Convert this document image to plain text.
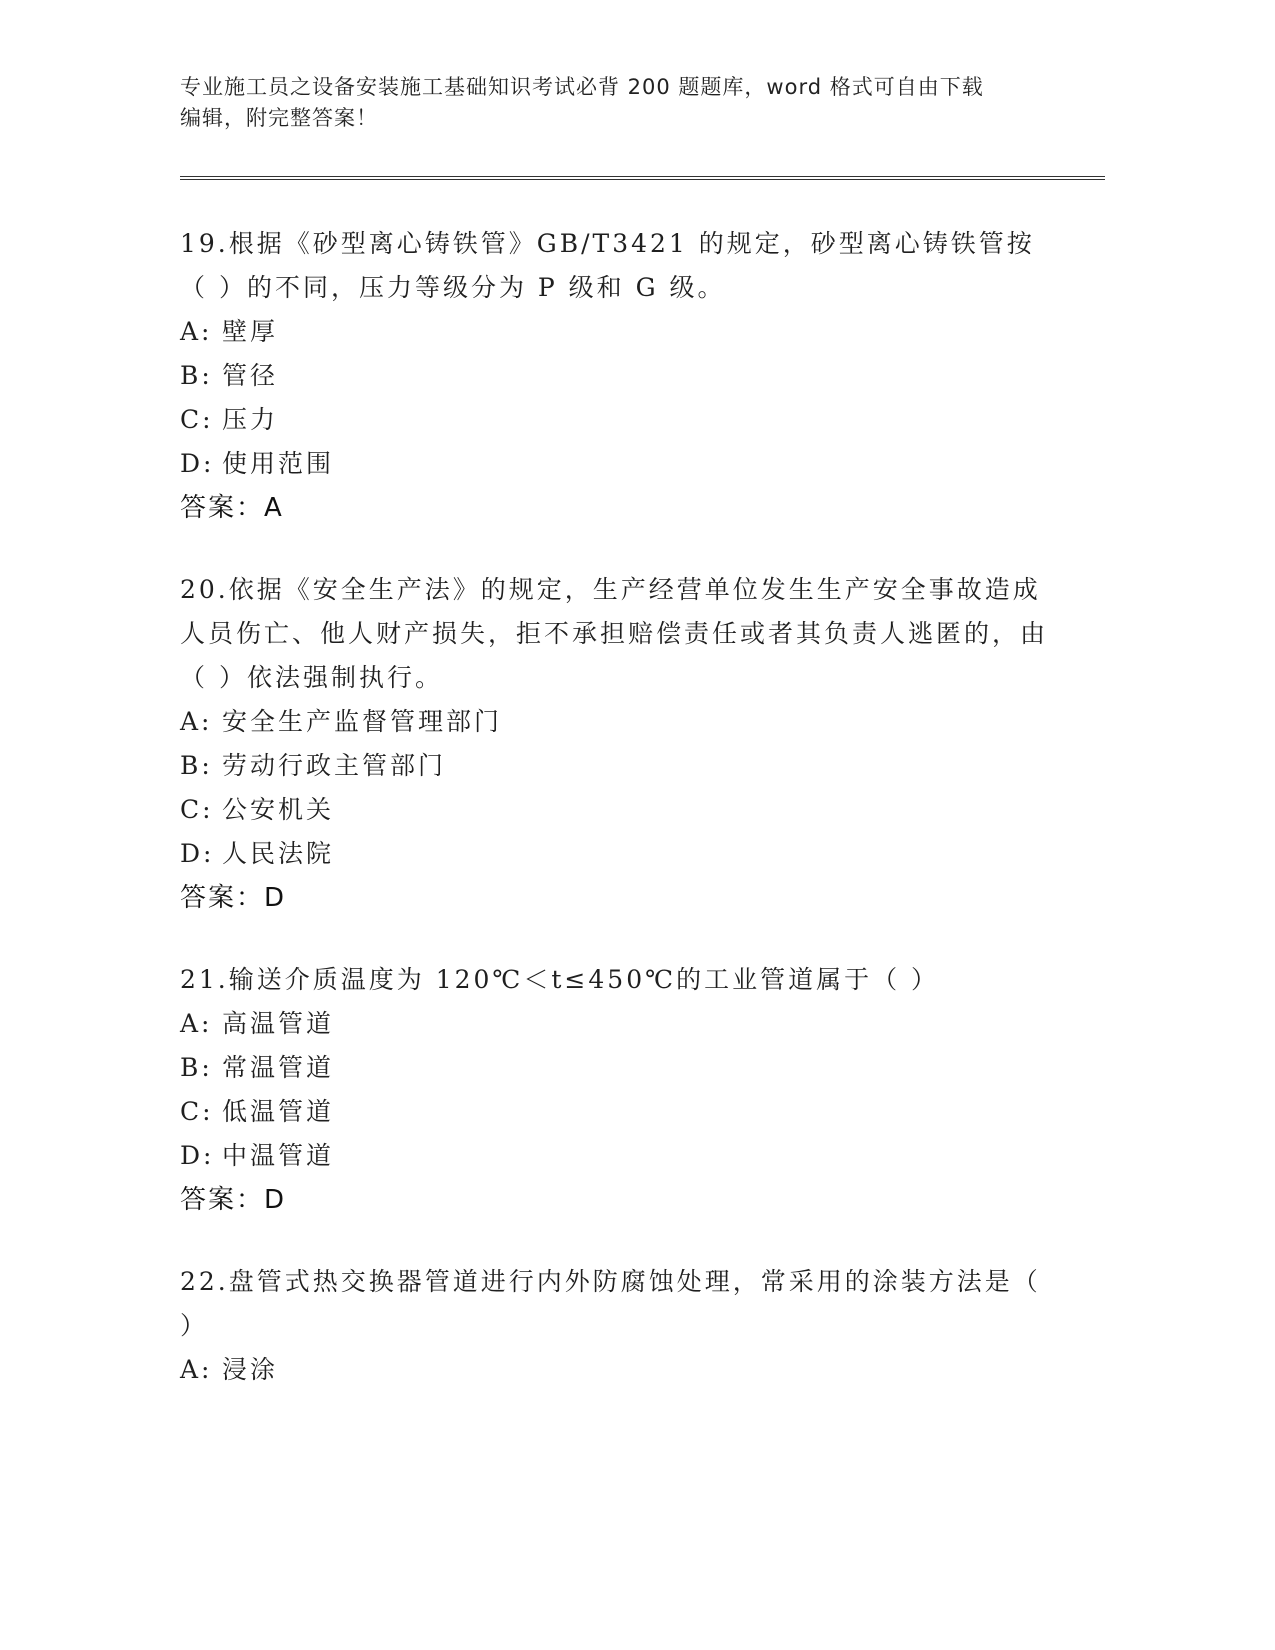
专业施工员之设备安装施工基础知识考试必背 200 题题库，word 格式可自由下载
编辑，附完整答案！
19.根据《砂型离心铸铁管》GB/T3421 的规定，砂型离心铸铁管按（ ）的不同，压力等级分为 P 级和 G 级。
A: 壁厚
B: 管径
C: 压力
D: 使用范围
答案：A
20.依据《安全生产法》的规定，生产经营单位发生生产安全事故造成人员伤亡、他人财产损失，拒不承担赔偿责任或者其负责人逃匿的，由（ ）依法强制执行。
A: 安全生产监督管理部门
B: 劳动行政主管部门
C: 公安机关
D: 人民法院
答案：D
21.输送介质温度为 120℃＜t≤450℃的工业管道属于（ ）
A: 高温管道
B: 常温管道
C: 低温管道
D: 中温管道
答案：D
22.盘管式热交换器管道进行内外防腐蚀处理，常采用的涂装方法是（ ）
A: 浸涂
